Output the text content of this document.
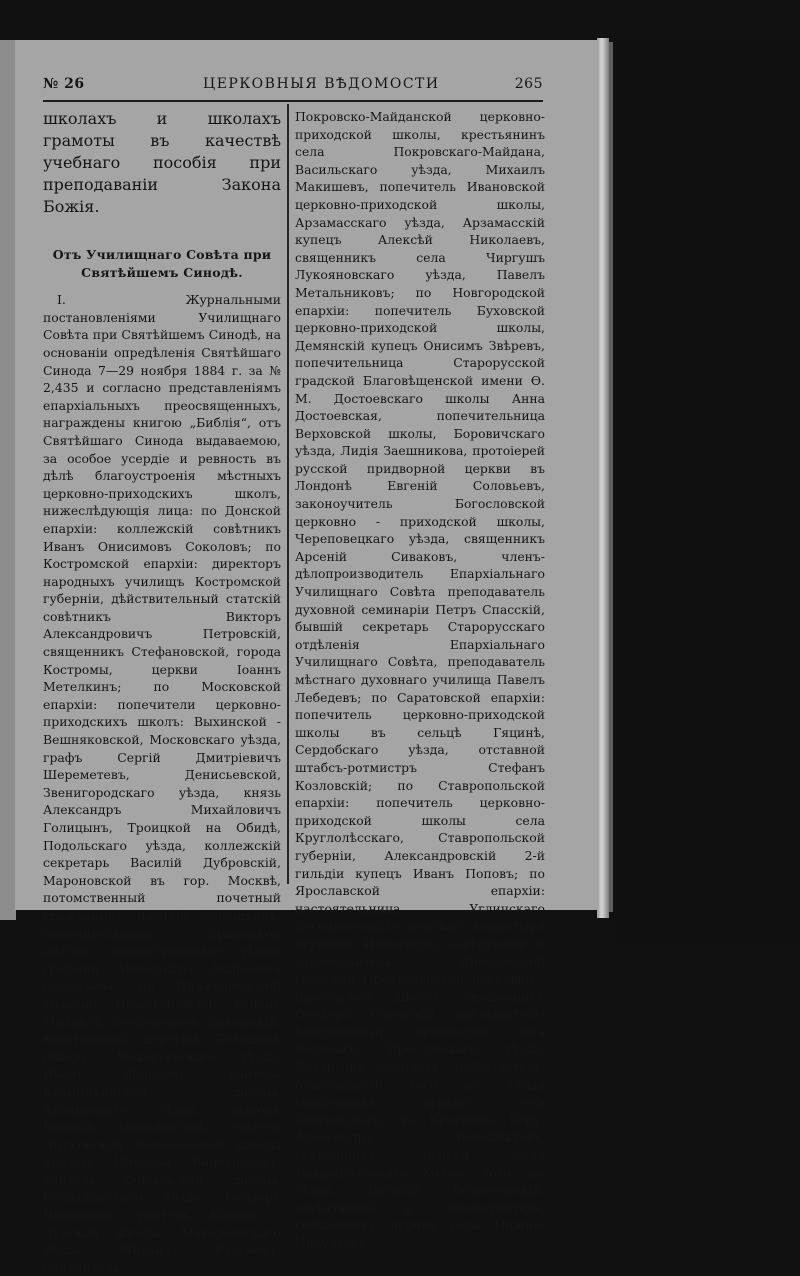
№ 26	ЦЕРКОВНЫЯ ВѢДОМОСТИ	265

школахъ и школахъ грамоты въ качествѣ учебнаго пособія при преподаваніи Закона Божія.

Отъ Училищнаго Совѣта при Святѣйшемъ Синодѣ.

I. Журнальными постановленіями Училищнаго Совѣта при Святѣйшемъ Синодѣ, на основаніи опредѣленія Святѣйшаго Синода 7—29 ноября 1884 г. за № 2,435 и согласно представленіямъ епархіальныхъ преосвященныхъ, награждены книгою „Библія“, отъ Святѣйшаго Синода выдаваемою, за особое усердіе и ревность въ дѣлѣ благоустроенія мѣстныхъ церковно-приходскихъ школъ, нижеслѣдующія лица: по Донской епархіи: коллежскій совѣтникъ Иванъ Онисимовъ Соколовъ; по Костромской епархіи: директоръ народныхъ училищъ Костромской губерніи, дѣйствительный статскій совѣтникъ Викторъ Александровичъ Петровскій, священникъ Стефановской, города Костромы, церкви Іоаннъ Метелкинъ; по Московской епархіи: попечители церковно-приходскихъ школъ: Выхинской - Вешняковской, Московскаго уѣзда, графъ Сергій Дмитріевичъ Шереметевъ, Денисьевской, Звенигородскаго уѣзда, князь Александръ Михайловичъ Голицынъ, Троицкой на Обидѣ, Подольскаго уѣзда, коллежскій секретарь Василій Дубровскій, Мароновской въ гор. Москвѣ, потомственный почетный гражданинъ Василій Лепешкинъ, попечительница Ершовской школы, Звенигородскаго уѣзда, графиня Александра Андреевна Олсуфьева; по Нижегородской епархіи: Нижегородскій купецъ Михаилъ Ѳеодоровичъ Каменскій, крестьянинъ деревни Большихъ Ошаръ, Макарьевскаго уѣзда, Иванъ Ярапцевъ, учитель Козминкинской школы, Арзамаскаго уѣзда, діаконъ Василій Алексѣевскій, учитель Лысковской Вознесенской школы діаконъ Николай Виноградовъ, учитель Сормовской школы, Балахнинскаго уѣзда, Ѳеодоръ Иваницкій, учитель Красно - Лукской школы, Макарьевскаго уѣзда, Михаилъ Разумовъ, попечитель

Покровско-Майданской церковно-приходской школы, крестьянинъ села Покровскаго-Майдана, Васильскаго уѣзда, Михаилъ Макишевъ, попечитель Ивановской церковно-приходской школы, Арзамасскаго уѣзда, Арзамасскій купецъ Алексѣй Николаевъ, священникъ села Чиргушъ Лукояновскаго уѣзда, Павелъ Метальниковъ; по Новгородской епархіи: попечитель Буховской церковно-приходской школы, Демянскій купецъ Онисимъ Звѣревъ, попечительница Старорусской градской Благовѣщенской имени Ѳ. М. Достоевскаго школы Анна Достоевская, попечительница Верховской школы, Боровичскаго уѣзда, Лидія Заешникова, протоіерей русской придворной церкви въ Лондонѣ Евгеній Соловьевъ, законоучитель Богословской церковно - приходской школы, Череповецкаго уѣзда, священникъ Арсеній Сиваковъ, членъ-дѣлопроизводитель Епархіальнаго Училищнаго Совѣта преподаватель духовной семинаріи Петръ Спасскій, бывшій секретарь Старорусскаго отдѣленія Епархіальнаго Училищнаго Совѣта, преподаватель мѣстнаго духовнаго училища Павелъ Лебедевъ; по Саратовской епархіи: попечитель церковно-приходской школы въ сельцѣ Гяцинѣ, Сердобскаго уѣзда, отставной штабсъ-ротмистръ Стефанъ Козловскій; по Ставропольской епархіи: попечитель церковно-приходской школы села Круглолѣсскаго, Ставропольской губерніи, Александровскій 2-й гильдіи купецъ Иванъ Поповъ; по Ярославской епархіи: настоятельница Угличскаго Богоявленскаго женскаго монастыря игуменія Измарагда, завѣдующій и законоучитель Ярославской градской Предтеченской церковно - приходской школы, священникъ Ѳеодоръ Успенскій, наблюдатель-благочинный, протоіерей села Великаго, Ярославскаго уѣзда, Владиміръ Соколовъ, наблюдатель-благочинный того же уѣзда священникъ церкви села Смоленскаго, въ Красномъ Бору, Александръ Бенедиктовъ, священникъ церкви села Лаврентьевскаго Холма, того же уѣзда, Василій Вознесенскій, завѣдующій и законоучитель, священникъ церкви села Нижне-Никульска-
